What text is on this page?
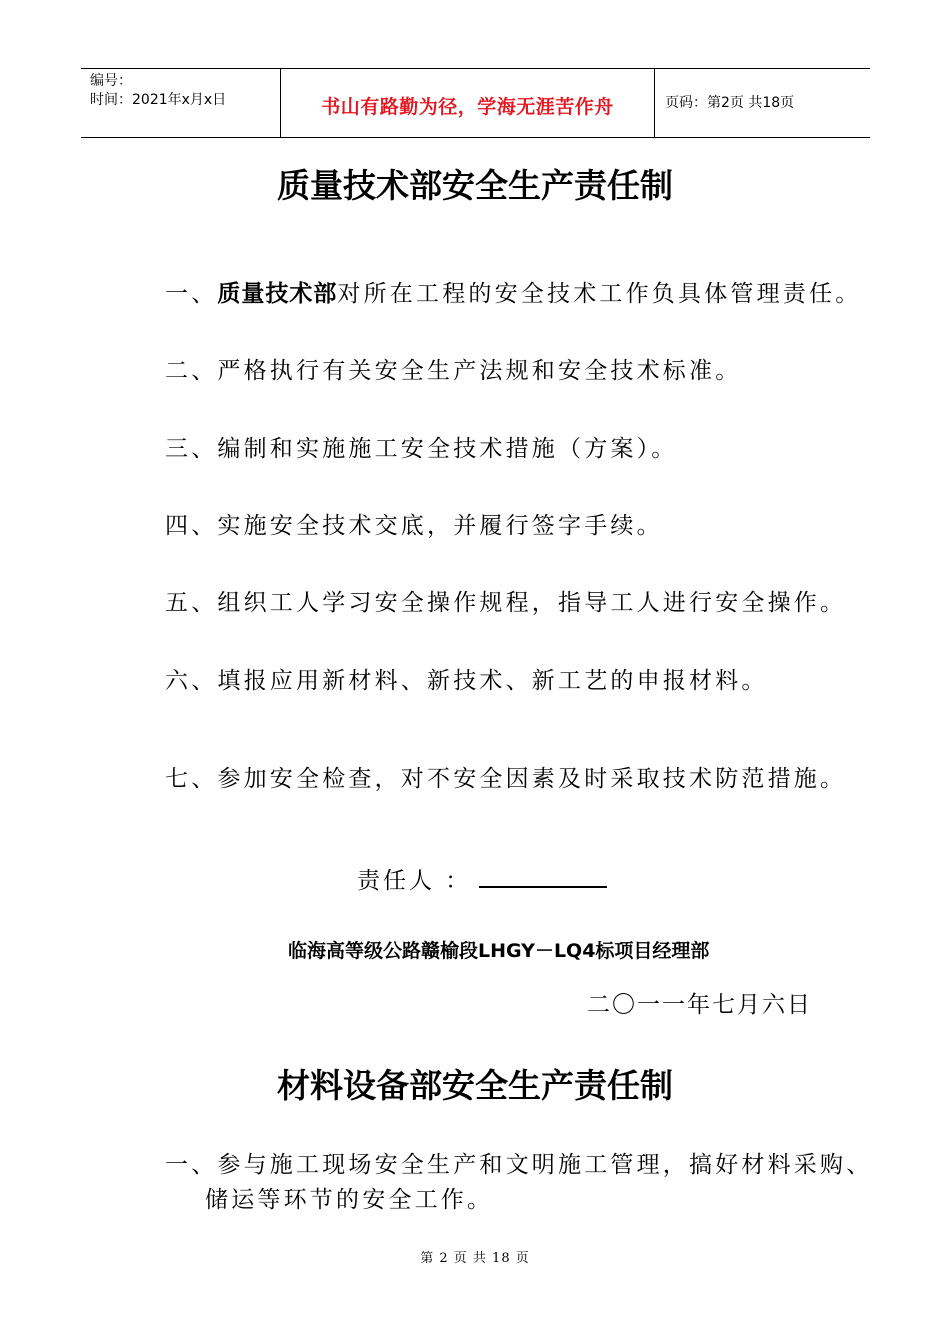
编号：
时间：2021年x月x日	书山有路勤为径，学海无涯苦作舟	页码：第2页 共18页
质量技术部安全生产责任制
一、质量技术部对所在工程的安全技术工作负具体管理责任。
二、严格执行有关安全生产法规和安全技术标准。
三、编制和实施施工安全技术措施（方案）。
四、实施安全技术交底，并履行签字手续。
五、组织工人学习安全操作规程，指导工人进行安全操作。
六、填报应用新材料、新技术、新工艺的申报材料。
七、参加安全检查，对不安全因素及时采取技术防范措施。
责任人 ：
临海高等级公路赣榆段LHGY－LQ4标项目经理部
二〇一一年七月六日
材料设备部安全生产责任制
一、参与施工现场安全生产和文明施工管理，搞好材料采购、
储运等环节的安全工作。
第 2 页 共 18 页
